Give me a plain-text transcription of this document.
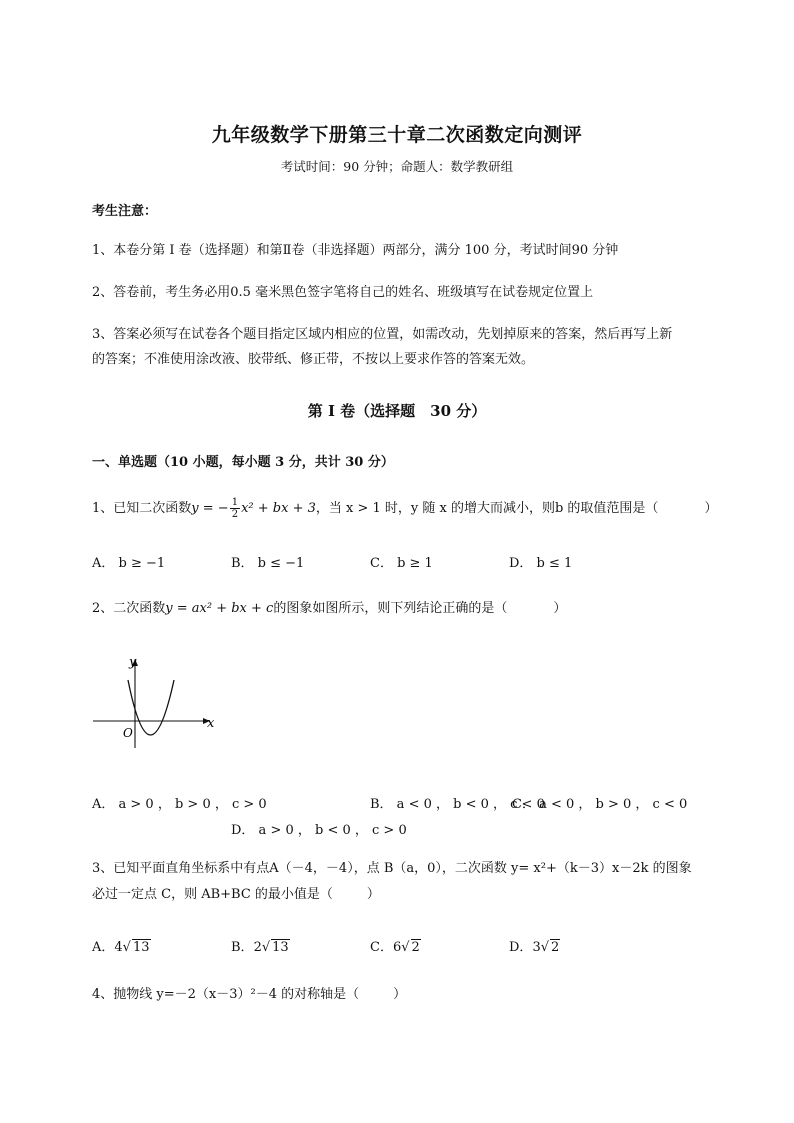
九年级数学下册第三十章二次函数定向测评
考试时间：90 分钟；命题人：数学教研组
考生注意：
1、本卷分第 I 卷（选择题）和第Ⅱ卷（非选择题）两部分，满分 100 分，考试时间90 分钟
2、答卷前，考生务必用0.5 毫米黑色签字笔将自己的姓名、班级填写在试卷规定位置上
3、答案必须写在试卷各个题目指定区域内相应的位置，如需改动，先划掉原来的答案，然后再写上新
的答案；不准使用涂改液、胶带纸、修正带，不按以上要求作答的答案无效。
第 I 卷（选择题　30 分）
一、单选题（10 小题，每小题 3 分，共计 30 分）
1、已知二次函数y = − $\frac{1}{2} x^2$ + bx + 3，当 x > 1 时，y 随 x 的增大而减小，则b 的取值范围是（	）
A． b ≥ −1	B． b ≤ −1	C． b ≥ 1	D． b ≤ 1
2、二次函数y = ax² + bx + c的图象如图所示，则下列结论正确的是（	）
x
y
O
A． a > 0 ， b > 0 ， c > 0	B． a < 0 ， b < 0 ， c < 0
C． a < 0 ， b > 0 ， c < 0
D． a > 0 ， b < 0 ， c > 0
3、已知平面直角坐标系中有点A（－4，－4），点 B（a，0），二次函数 y= x²+（k－3）x－2k 的图象
必过一定点 C，则 AB+BC 的最小值是（	）
A．4√ 13	B．2√ 13	C．6√ 2	D．3√ 2
4、抛物线 y=－2（x－3）²－4 的对称轴是（	）
